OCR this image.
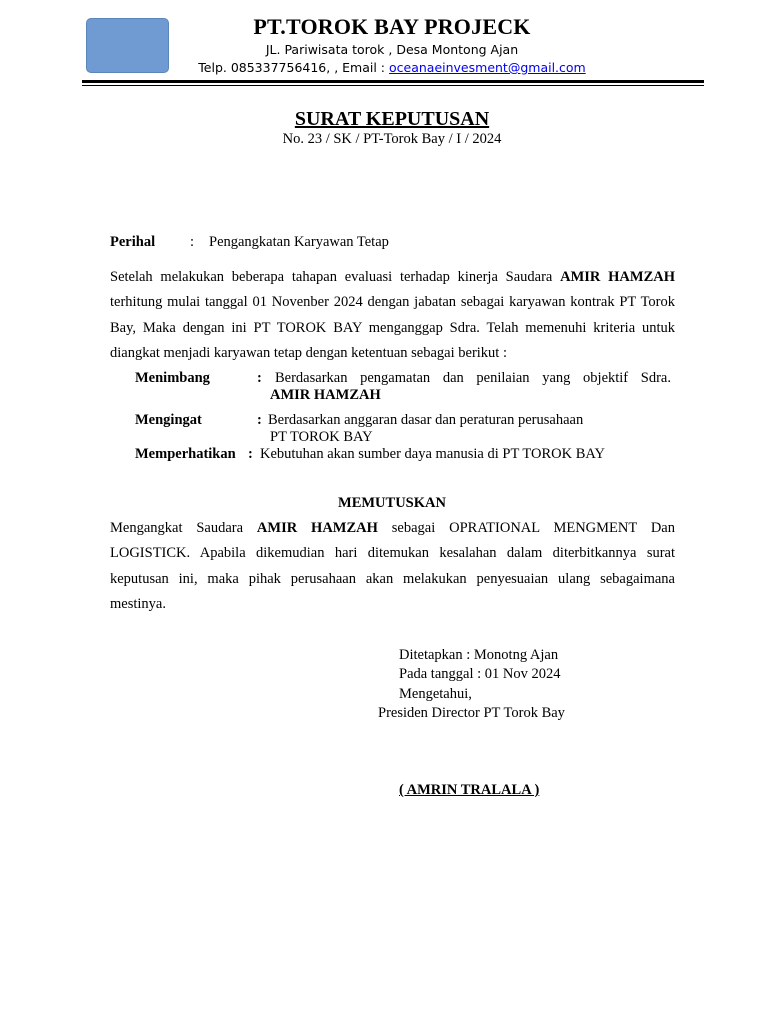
PT.TOROK BAY PROJECK
JL. Pariwisata torok , Desa Montong Ajan
Telp. 085337756416, , Email : oceanaeinvesment@gmail.com
SURAT KEPUTUSAN
No. 23 / SK / PT-Torok Bay / I / 2024
Perihal : Pengangkatan Karyawan Tetap
Setelah melakukan beberapa tahapan evaluasi terhadap kinerja Saudara AMIR HAMZAH terhitung mulai tanggal 01 Novenber 2024 dengan jabatan sebagai karyawan kontrak PT Torok Bay, Maka dengan ini PT TOROK BAY menganggap Sdra. Telah memenuhi kriteria untuk diangkat menjadi karyawan tetap dengan ketentuan sebagai berikut :
Menimbang	: Berdasarkan pengamatan dan penilaian yang objektif Sdra.
AMIR HAMZAH
Mengingat	: Berdasarkan anggaran dasar dan peraturan perusahaan
PT TOROK BAY
Memperhatikan : Kebutuhan akan sumber daya manusia di PT TOROK BAY
MEMUTUSKAN
Mengangkat Saudara AMIR HAMZAH sebagai OPRATIONAL MENGMENT Dan LOGISTICK. Apabila dikemudian hari ditemukan kesalahan dalam diterbitkannya surat keputusan ini, maka pihak perusahaan akan melakukan penyesuaian ulang sebagaimana mestinya.
Ditetapkan : Monotng Ajan
Pada tanggal : 01 Nov 2024
Mengetahui,
Presiden Director PT Torok Bay
( AMRIN TRALALA )
